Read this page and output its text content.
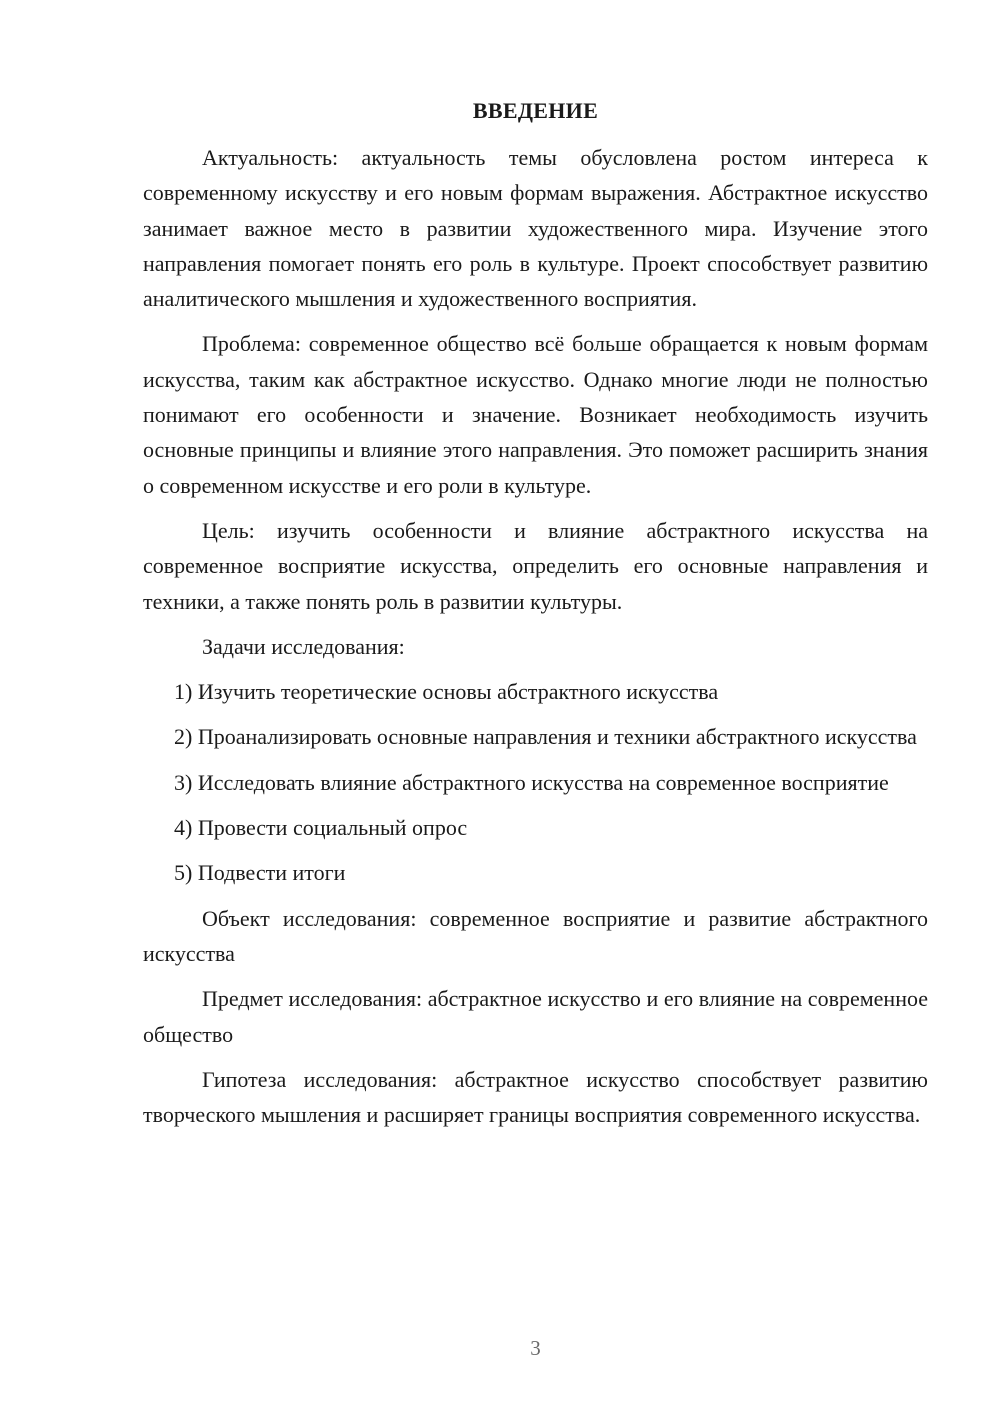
ВВЕДЕНИЕ

Актуальность: актуальность темы обусловлена ростом интереса к современному искусству и его новым формам выражения. Абстрактное искусство занимает важное место в развитии художественного мира. Изучение этого направления помогает понять его роль в культуре. Проект способствует развитию аналитического мышления и художественного восприятия.

Проблема: современное общество всё больше обращается к новым формам искусства, таким как абстрактное искусство. Однако многие люди не полностью понимают его особенности и значение. Возникает необходимость изучить основные принципы и влияние этого направления. Это поможет расширить знания о современном искусстве и его роли в культуре.

Цель: изучить особенности и влияние абстрактного искусства на современное восприятие искусства, определить его основные направления и техники, а также понять роль в развитии культуры.

Задачи исследования:

1) Изучить теоретические основы абстрактного искусства

2) Проанализировать основные направления и техники абстрактного искусства

3) Исследовать влияние абстрактного искусства на современное восприятие

4) Провести социальный опрос

5) Подвести итоги

Объект исследования: современное восприятие и развитие абстрактного искусства

Предмет исследования: абстрактное искусство и его влияние на современное общество

Гипотеза исследования: абстрактное искусство способствует развитию творческого мышления и расширяет границы восприятия современного искусства.

3
